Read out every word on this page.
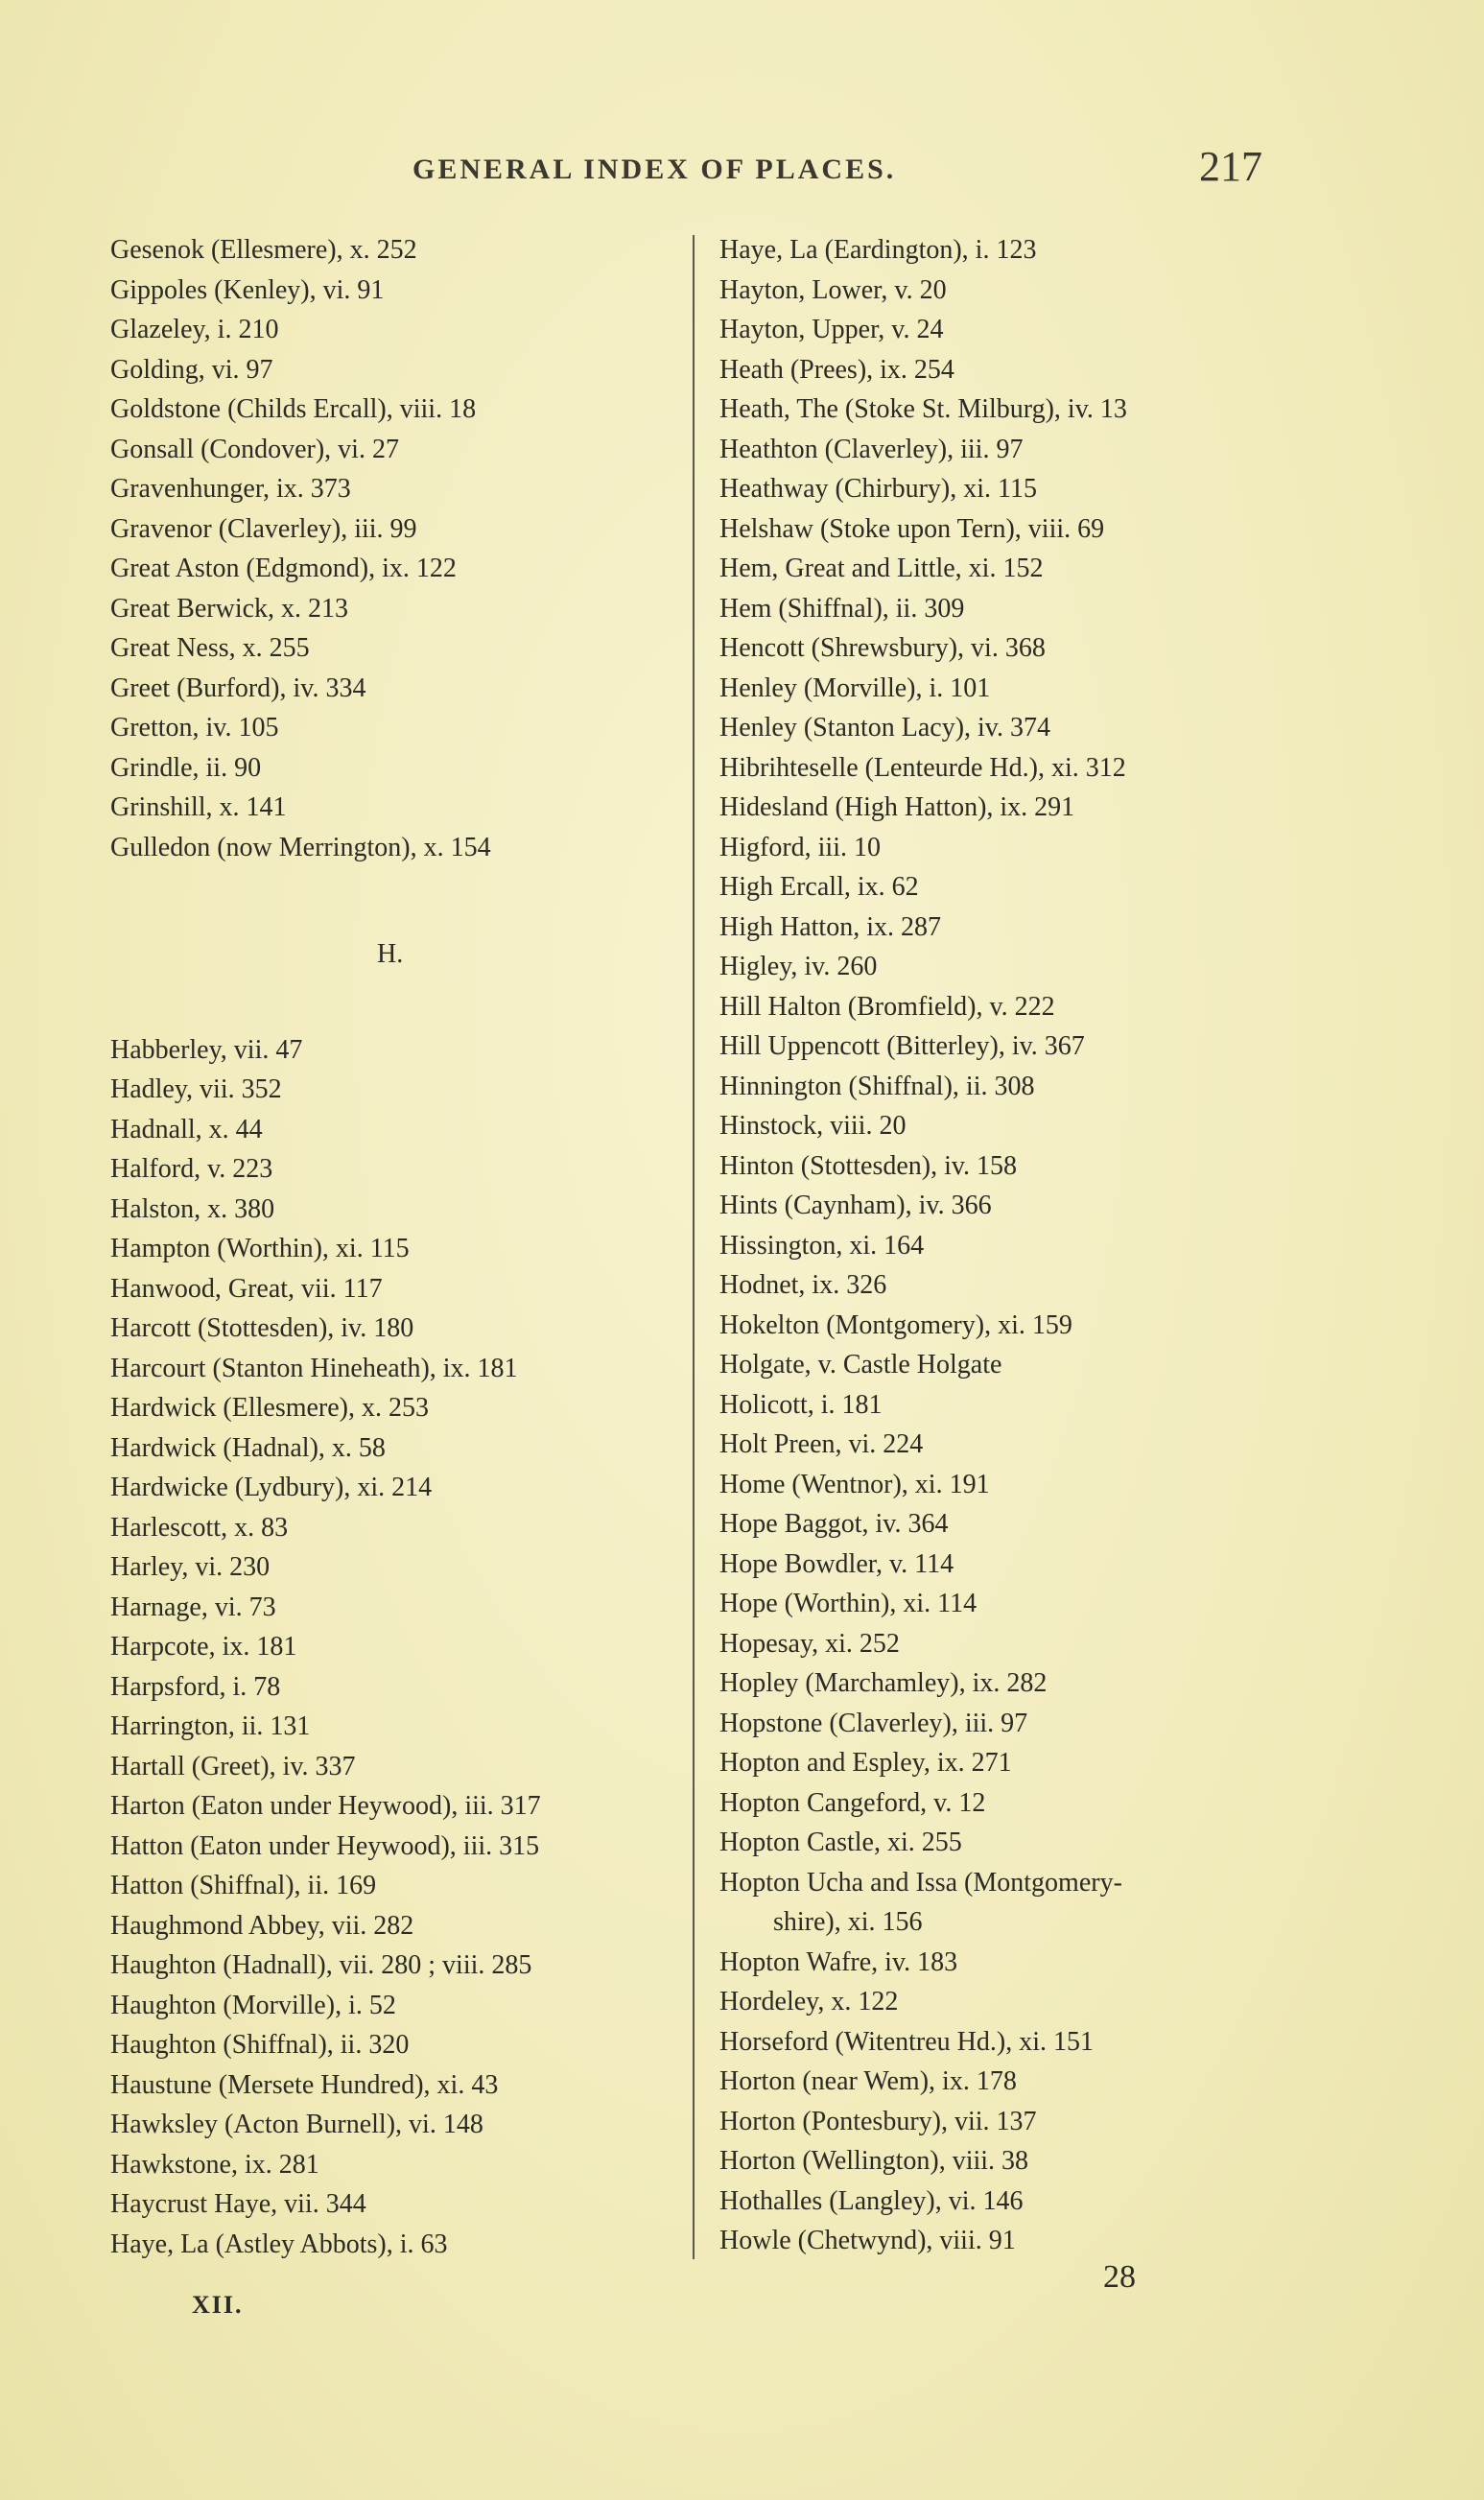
GENERAL INDEX OF PLACES.	217
Gesenok (Ellesmere), x. 252
Gippoles (Kenley), vi. 91
Glazeley, i. 210
Golding, vi. 97
Goldstone (Childs Ercall), viii. 18
Gonsall (Condover), vi. 27
Gravenhunger, ix. 373
Gravenor (Claverley), iii. 99
Great Aston (Edgmond), ix. 122
Great Berwick, x. 213
Great Ness, x. 255
Greet (Burford), iv. 334
Gretton, iv. 105
Grindle, ii. 90
Grinshill, x. 141
Gulledon (now Merrington), x. 154
H.
Habberley, vii. 47
Hadley, vii. 352
Hadnall, x. 44
Halford, v. 223
Halston, x. 380
Hampton (Worthin), xi. 115
Hanwood, Great, vii. 117
Harcott (Stottesden), iv. 180
Harcourt (Stanton Hineheath), ix. 181
Hardwick (Ellesmere), x. 253
Hardwick (Hadnal), x. 58
Hardwicke (Lydbury), xi. 214
Harlescott, x. 83
Harley, vi. 230
Harnage, vi. 73
Harpcote, ix. 181
Harpsford, i. 78
Harrington, ii. 131
Hartall (Greet), iv. 337
Harton (Eaton under Heywood), iii. 317
Hatton (Eaton under Heywood), iii. 315
Hatton (Shiffnal), ii. 169
Haughmond Abbey, vii. 282
Haughton (Hadnall), vii. 280 ; viii. 285
Haughton (Morville), i. 52
Haughton (Shiffnal), ii. 320
Haustune (Mersete Hundred), xi. 43
Hawksley (Acton Burnell), vi. 148
Hawkstone, ix. 281
Haycrust Haye, vii. 344
Haye, La (Astley Abbots), i. 63
Haye, La (Eardington), i. 123
Hayton, Lower, v. 20
Hayton, Upper, v. 24
Heath (Prees), ix. 254
Heath, The (Stoke St. Milburg), iv. 13
Heathton (Claverley), iii. 97
Heathway (Chirbury), xi. 115
Helshaw (Stoke upon Tern), viii. 69
Hem, Great and Little, xi. 152
Hem (Shiffnal), ii. 309
Hencott (Shrewsbury), vi. 368
Henley (Morville), i. 101
Henley (Stanton Lacy), iv. 374
Hibrihteselle (Lenteurde Hd.), xi. 312
Hidesland (High Hatton), ix. 291
Higford, iii. 10
High Ercall, ix. 62
High Hatton, ix. 287
Higley, iv. 260
Hill Halton (Bromfield), v. 222
Hill Uppencott (Bitterley), iv. 367
Hinnington (Shiffnal), ii. 308
Hinstock, viii. 20
Hinton (Stottesden), iv. 158
Hints (Caynham), iv. 366
Hissington, xi. 164
Hodnet, ix. 326
Hokelton (Montgomery), xi. 159
Holgate, v. Castle Holgate
Holicott, i. 181
Holt Preen, vi. 224
Home (Wentnor), xi. 191
Hope Baggot, iv. 364
Hope Bowdler, v. 114
Hope (Worthin), xi. 114
Hopesay, xi. 252
Hopley (Marchamley), ix. 282
Hopstone (Claverley), iii. 97
Hopton and Espley, ix. 271
Hopton Cangeford, v. 12
Hopton Castle, xi. 255
Hopton Ucha and Issa (Montgomery-
shire), xi. 156
Hopton Wafre, iv. 183
Hordeley, x. 122
Horseford (Witentreu Hd.), xi. 151
Horton (near Wem), ix. 178
Horton (Pontesbury), vii. 137
Horton (Wellington), viii. 38
Hothalles (Langley), vi. 146
Howle (Chetwynd), viii. 91
XII.
28
